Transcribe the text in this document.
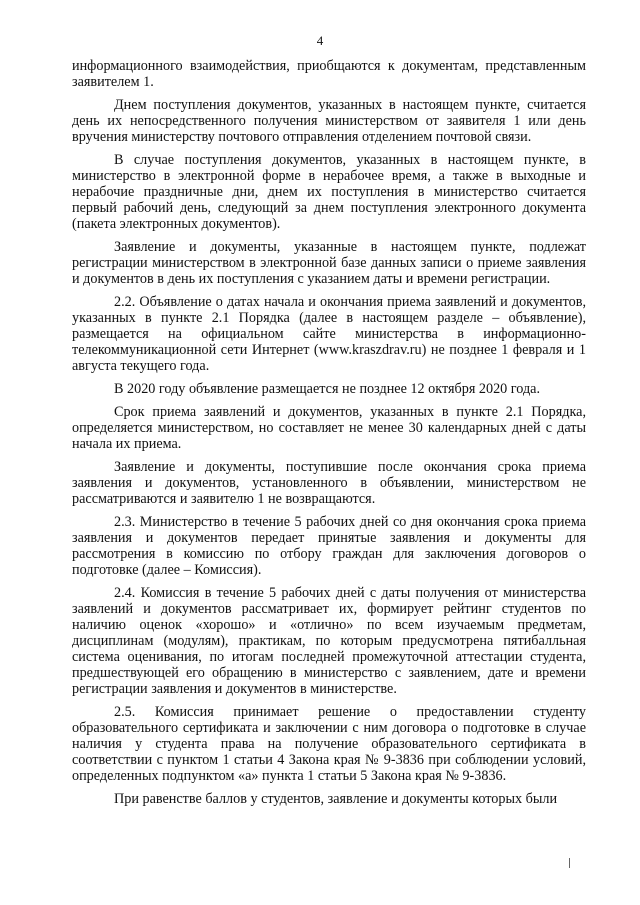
4

информационного взаимодействия, приобщаются к документам, представленным заявителем 1.

Днем поступления документов, указанных в настоящем пункте, считается день их непосредственного получения министерством от заявителя 1 или день вручения министерству почтового отправления отделением почтовой связи.

В случае поступления документов, указанных в настоящем пункте, в министерство в электронной форме в нерабочее время, а также в выходные и нерабочие праздничные дни, днем их поступления в министерство считается первый рабочий день, следующий за днем поступления электронного документа (пакета электронных документов).

Заявление и документы, указанные в настоящем пункте, подлежат регистрации министерством в электронной базе данных записи о приеме заявления и документов в день их поступления с указанием даты и времени регистрации.

2.2. Объявление о датах начала и окончания приема заявлений и документов, указанных в пункте 2.1 Порядка (далее в настоящем разделе – объявление), размещается на официальном сайте министерства в информационно-телекоммуникационной сети Интернет (www.kraszdrav.ru) не позднее 1 февраля и 1 августа текущего года.

В 2020 году объявление размещается не позднее 12 октября 2020 года.

Срок приема заявлений и документов, указанных в пункте 2.1 Порядка, определяется министерством, но составляет не менее 30 календарных дней с даты начала их приема.

Заявление и документы, поступившие после окончания срока приема заявления и документов, установленного в объявлении, министерством не рассматриваются и заявителю 1 не возвращаются.

2.3. Министерство в течение 5 рабочих дней со дня окончания срока приема заявления и документов передает принятые заявления и документы для рассмотрения в комиссию по отбору граждан для заключения договоров о подготовке (далее – Комиссия).

2.4. Комиссия в течение 5 рабочих дней с даты получения от министерства заявлений и документов рассматривает их, формирует рейтинг студентов по наличию оценок «хорошо» и «отлично» по всем изучаемым предметам, дисциплинам (модулям), практикам, по которым предусмотрена пятибалльная система оценивания, по итогам последней промежуточной аттестации студента, предшествующей его обращению в министерство с заявлением, дате и времени регистрации заявления и документов в министерстве.

2.5. Комиссия принимает решение о предоставлении студенту образовательного сертификата и заключении с ним договора о подготовке в случае наличия у студента права на получение образовательного сертификата в соответствии с пунктом 1 статьи 4 Закона края № 9-3836 при соблюдении условий, определенных подпунктом «а» пункта 1 статьи 5 Закона края № 9-3836.

При равенстве баллов у студентов, заявление и документы которых были
